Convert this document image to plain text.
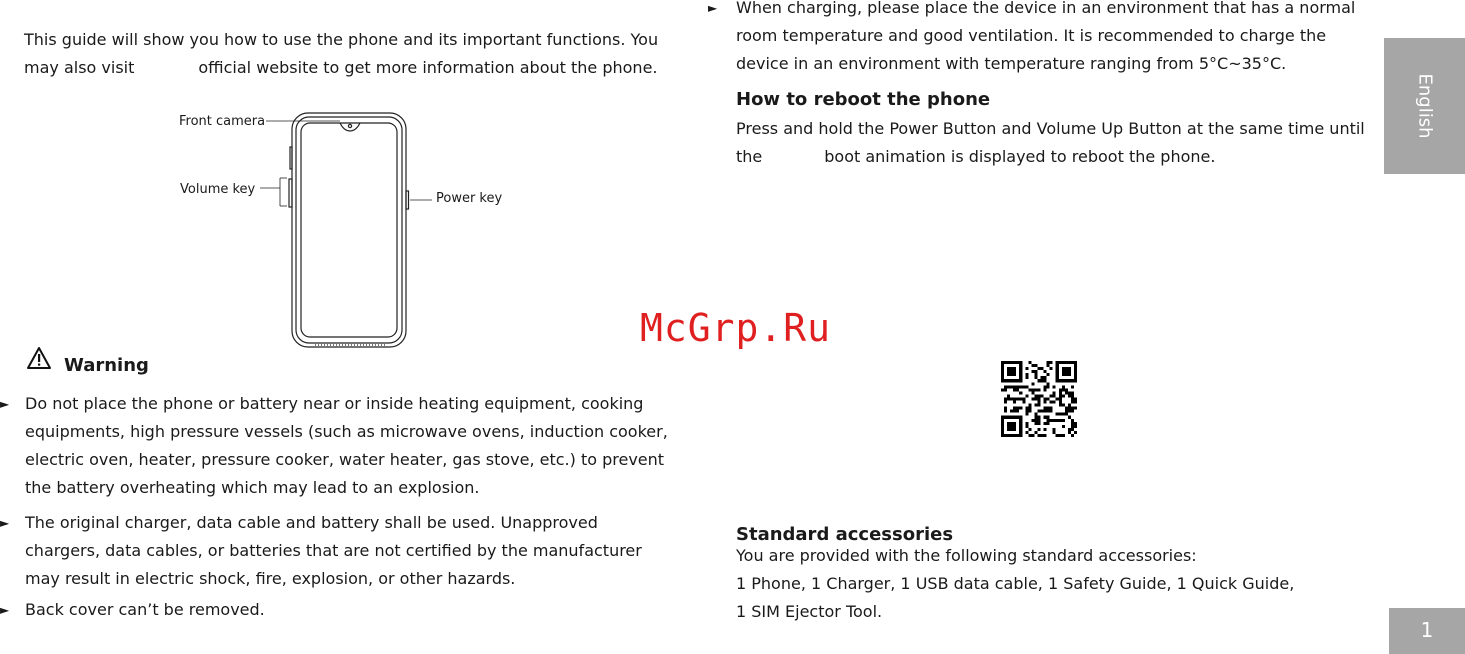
This guide will show you how to use the phone and its important functions. You

may also visit	official website to get more information about the phone.

Front camera
Volume key
Power key
Warning
► Do not place the phone or battery near or inside heating equipment, cooking

equipments, high pressure vessels (such as microwave ovens, induction cooker,

electric oven, heater, pressure cooker, water heater, gas stove, etc.) to prevent

the battery overheating which may lead to an explosion.

► The original charger, data cable and battery shall be used. Unapproved

chargers, data cables, or batteries that are not certified by the manufacturer

may result in electric shock, fire, explosion, or other hazards.

► Back cover can’t be removed.

► When charging, please place the device in an environment that has a normal

room temperature and good ventilation. It is recommended to charge the

device in an environment with temperature ranging from 5°C~35°C.

How to reboot the phone

Press and hold the Power Button and Volume Up Button at the same time until

the	boot animation is displayed to reboot the phone.

Standard accessories

You are provided with the following standard accessories:

1 Phone, 1 Charger, 1 USB data cable, 1 Safety Guide, 1 Quick Guide,

1 SIM Ejector Tool.

English
1
McGrp.Ru
